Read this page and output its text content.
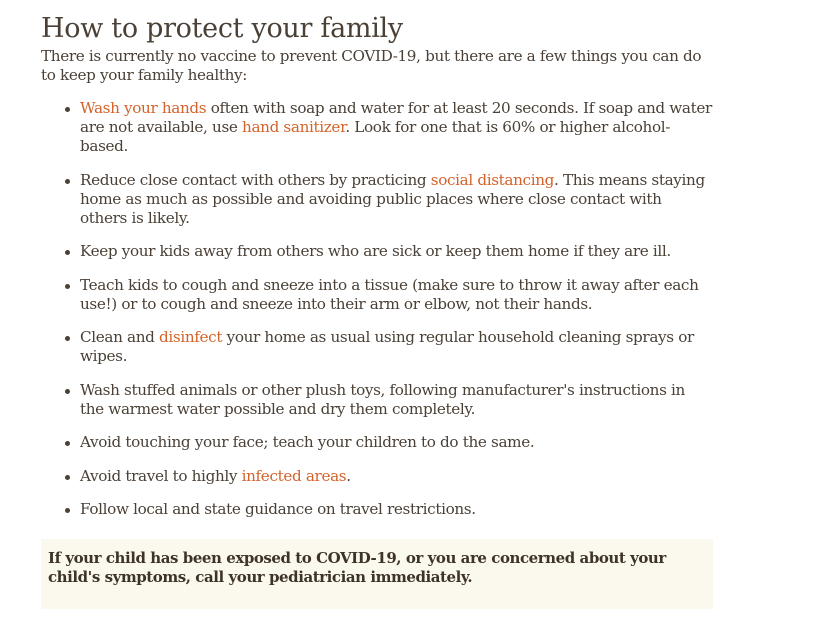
How to protect your family

There is currently no vaccine to prevent COVID-19, but there are a few things you can do to keep your family healthy:

Wash your hands often with soap and water for at least 20 seconds. If soap and water are not available, use hand sanitizer. Look for one that is 60% or higher alcohol-based.
Reduce close contact with others by practicing social distancing. This means staying home as much as possible and avoiding public places where close contact with others is likely.
Keep your kids away from others who are sick or keep them home if they are ill.
Teach kids to cough and sneeze into a tissue (make sure to throw it away after each use!) or to cough and sneeze into their arm or elbow, not their hands.
Clean and disinfect your home as usual using regular household cleaning sprays or wipes.
Wash stuffed animals or other plush toys, following manufacturer's instructions in the warmest water possible and dry them completely.
Avoid touching your face; teach your children to do the same.
Avoid travel to highly infected areas.
Follow local and state guidance on travel restrictions.

If your child has been exposed to COVID-19, or you are concerned about your child's symptoms, call your pediatrician immediately.
